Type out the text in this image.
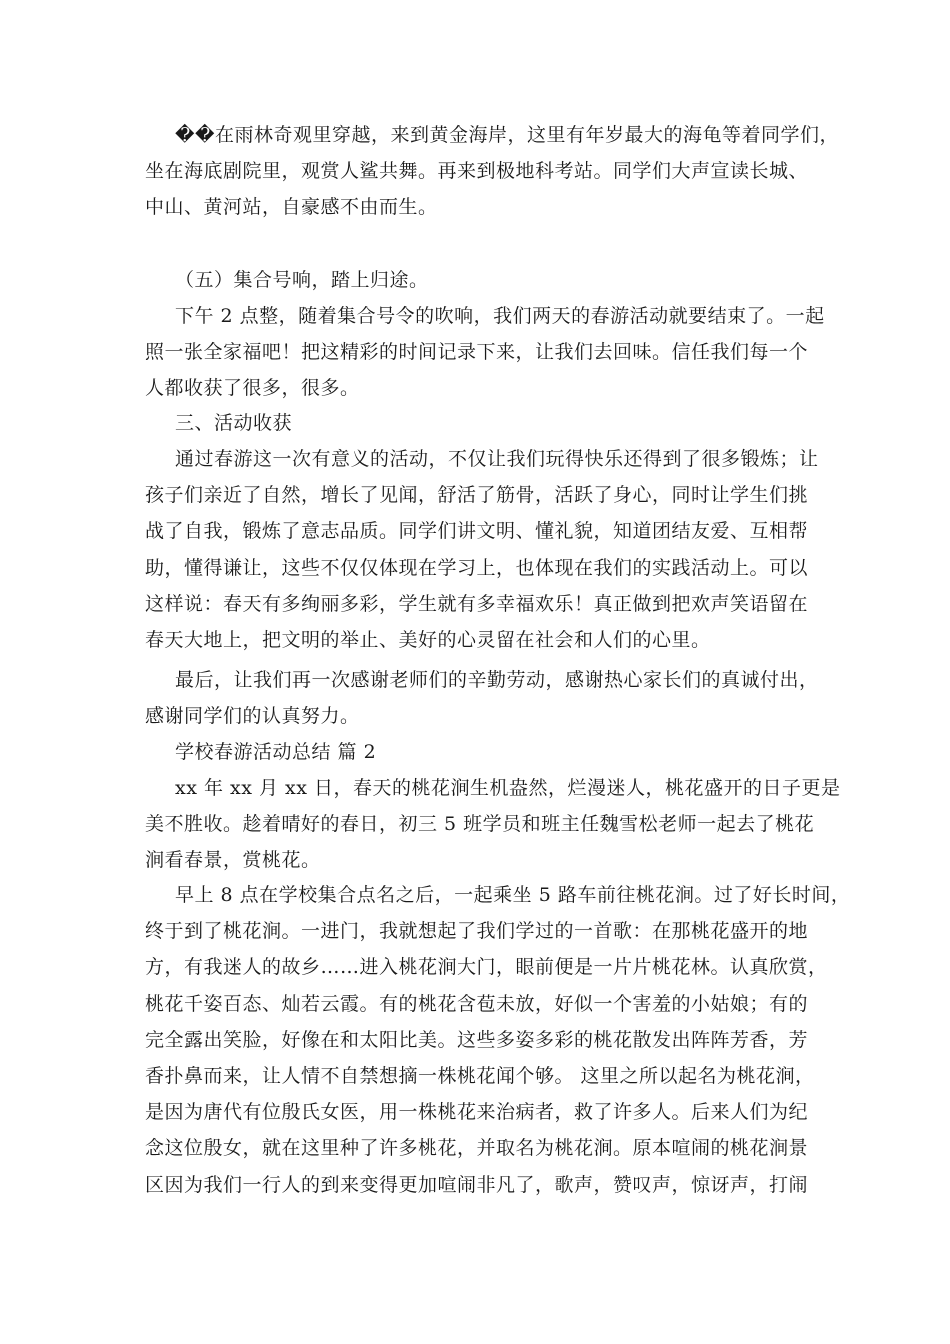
��在雨林奇观里穿越，来到黄金海岸，这里有年岁最大的海龟等着同学们，
坐在海底剧院里，观赏人鲨共舞。再来到极地科考站。同学们大声宣读长城、
中山、黄河站，自豪感不由而生。
（五）集合号响，踏上归途。
下午 2 点整，随着集合号令的吹响，我们两天的春游活动就要结束了。一起
照一张全家福吧！把这精彩的时间记录下来，让我们去回味。信任我们每一个
人都收获了很多，很多。
三、活动收获
通过春游这一次有意义的活动，不仅让我们玩得快乐还得到了很多锻炼；让
孩子们亲近了自然，增长了见闻，舒活了筋骨，活跃了身心，同时让学生们挑
战了自我，锻炼了意志品质。同学们讲文明、懂礼貌，知道团结友爱、互相帮
助，懂得谦让，这些不仅仅体现在学习上，也体现在我们的实践活动上。可以
这样说：春天有多绚丽多彩，学生就有多幸福欢乐！真正做到把欢声笑语留在
春天大地上，把文明的举止、美好的心灵留在社会和人们的心里。
最后，让我们再一次感谢老师们的辛勤劳动，感谢热心家长们的真诚付出，
感谢同学们的认真努力。
学校春游活动总结 篇 2
xx 年 xx 月 xx 日，春天的桃花涧生机盎然，烂漫迷人，桃花盛开的日子更是
美不胜收。趁着晴好的春日，初三 5 班学员和班主任魏雪松老师一起去了桃花
涧看春景，赏桃花。
早上 8 点在学校集合点名之后，一起乘坐 5 路车前往桃花涧。过了好长时间，
终于到了桃花涧。一进门，我就想起了我们学过的一首歌：在那桃花盛开的地
方，有我迷人的故乡……进入桃花涧大门，眼前便是一片片桃花林。认真欣赏，
桃花千姿百态、灿若云霞。有的桃花含苞未放，好似一个害羞的小姑娘；有的
完全露出笑脸，好像在和太阳比美。这些多姿多彩的桃花散发出阵阵芳香，芳
香扑鼻而来，让人情不自禁想摘一株桃花闻个够。 这里之所以起名为桃花涧，
是因为唐代有位殷氏女医，用一株桃花来治病者，救了许多人。后来人们为纪
念这位殷女，就在这里种了许多桃花，并取名为桃花涧。原本喧闹的桃花涧景
区因为我们一行人的到来变得更加喧闹非凡了，歌声，赞叹声，惊讶声，打闹
